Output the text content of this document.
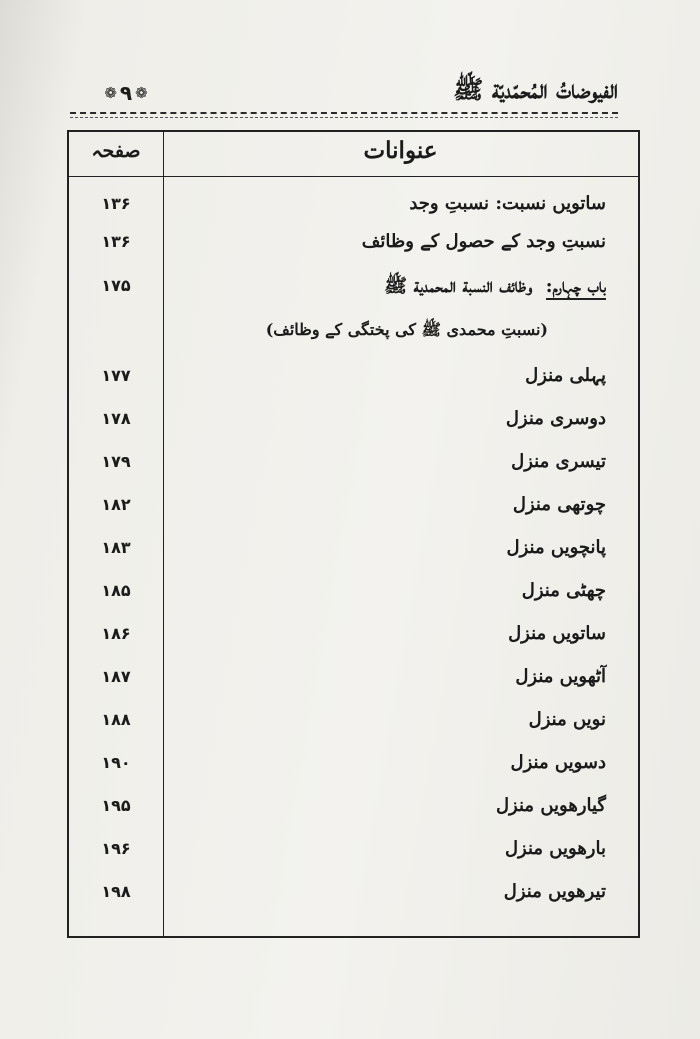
❁ ٩ ❁	الفیوضاتُ المُحمّدیّة ﷺ
صفحہ	عنوانات
۱۳۶	ساتویں نسبت: نسبتِ وجد
۱۳۶	نسبتِ وجد کے حصول کے وظائف
۱۷۵	باب چہارم:  وظائف النسبة المحمدیة ﷺ
(نسبتِ محمدی ﷺ کی پختگی کے وظائف)
۱۷۷	پہلی منزل
۱۷۸	دوسری منزل
۱۷۹	تیسری منزل
۱۸۲	چوتھی منزل
۱۸۳	پانچویں منزل
۱۸۵	چھٹی منزل
۱۸۶	ساتویں منزل
۱۸۷	آٹھویں منزل
۱۸۸	نویں منزل
۱۹۰	دسویں منزل
۱۹۵	گیارھویں منزل
۱۹۶	بارھویں منزل
۱۹۸	تیرھویں منزل
